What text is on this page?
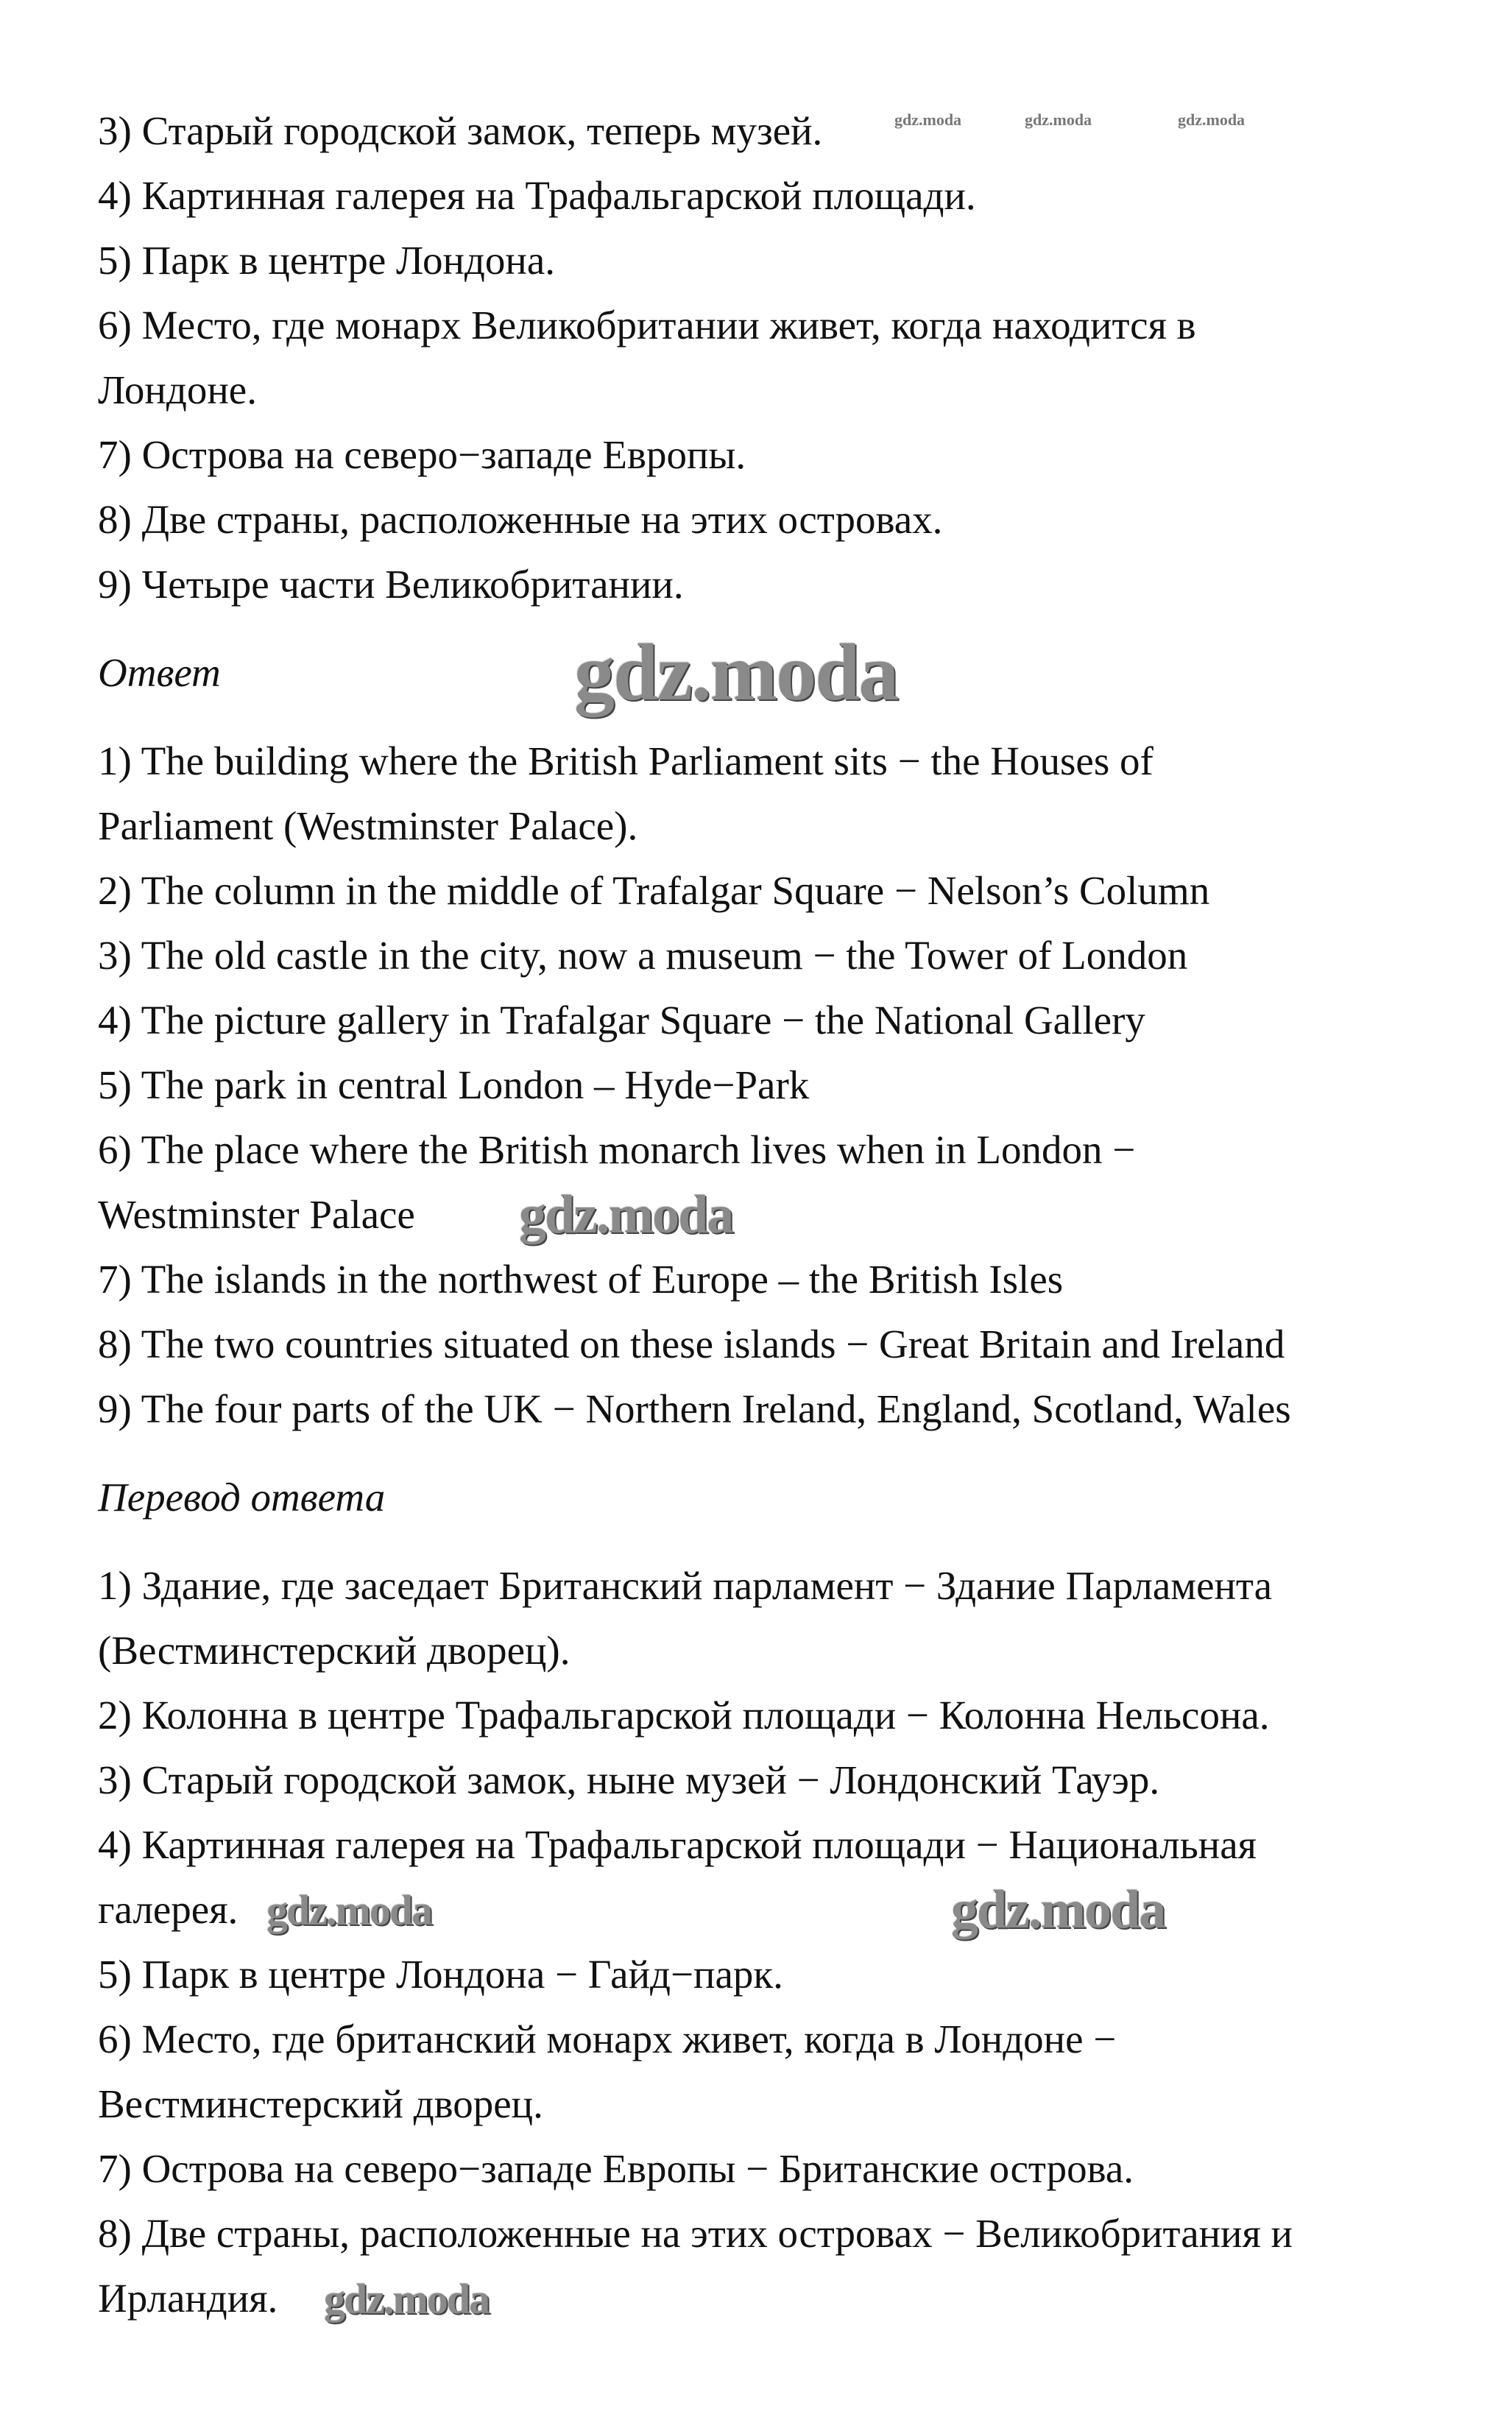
3) Старый городской замок, теперь музей.
4) Картинная галерея на Трафальгарской площади.
5) Парк в центре Лондона.
6) Место, где монарх Великобритании живет, когда находится в
Лондоне.
7) Острова на северо−западе Европы.
8) Две страны, расположенные на этих островах.
9) Четыре части Великобритании.
Ответ
1) The building where the British Parliament sits − the Houses of
Parliament (Westminster Palace).
2) The column in the middle of Trafalgar Square − Nelson’s Column
3) The old castle in the city, now a museum − the Tower of London
4) The picture gallery in Trafalgar Square − the National Gallery
5) The park in central London – Hyde−Park
6) The place where the British monarch lives when in London −
Westminster Palace
7) The islands in the northwest of Europe – the British Isles
8) The two countries situated on these islands − Great Britain and Ireland
9) The four parts of the UK − Northern Ireland, England, Scotland, Wales
Перевод ответа
1) Здание, где заседает Британский парламент − Здание Парламента
(Вестминстерский дворец).
2) Колонна в центре Трафальгарской площади − Колонна Нельсона.
3) Старый городской замок, ныне музей − Лондонский Тауэр.
4) Картинная галерея на Трафальгарской площади − Национальная
галерея.
5) Парк в центре Лондона − Гайд−парк.
6) Место, где британский монарх живет, когда в Лондоне −
Вестминстерский дворец.
7) Острова на северо−западе Европы − Британские острова.
8) Две страны, расположенные на этих островах − Великобритания и
Ирландия.
gdz.moda	gdz.moda	gdz.moda
gdz.moda
gdz.moda
gdz.moda
gdz.moda
gdz.moda
